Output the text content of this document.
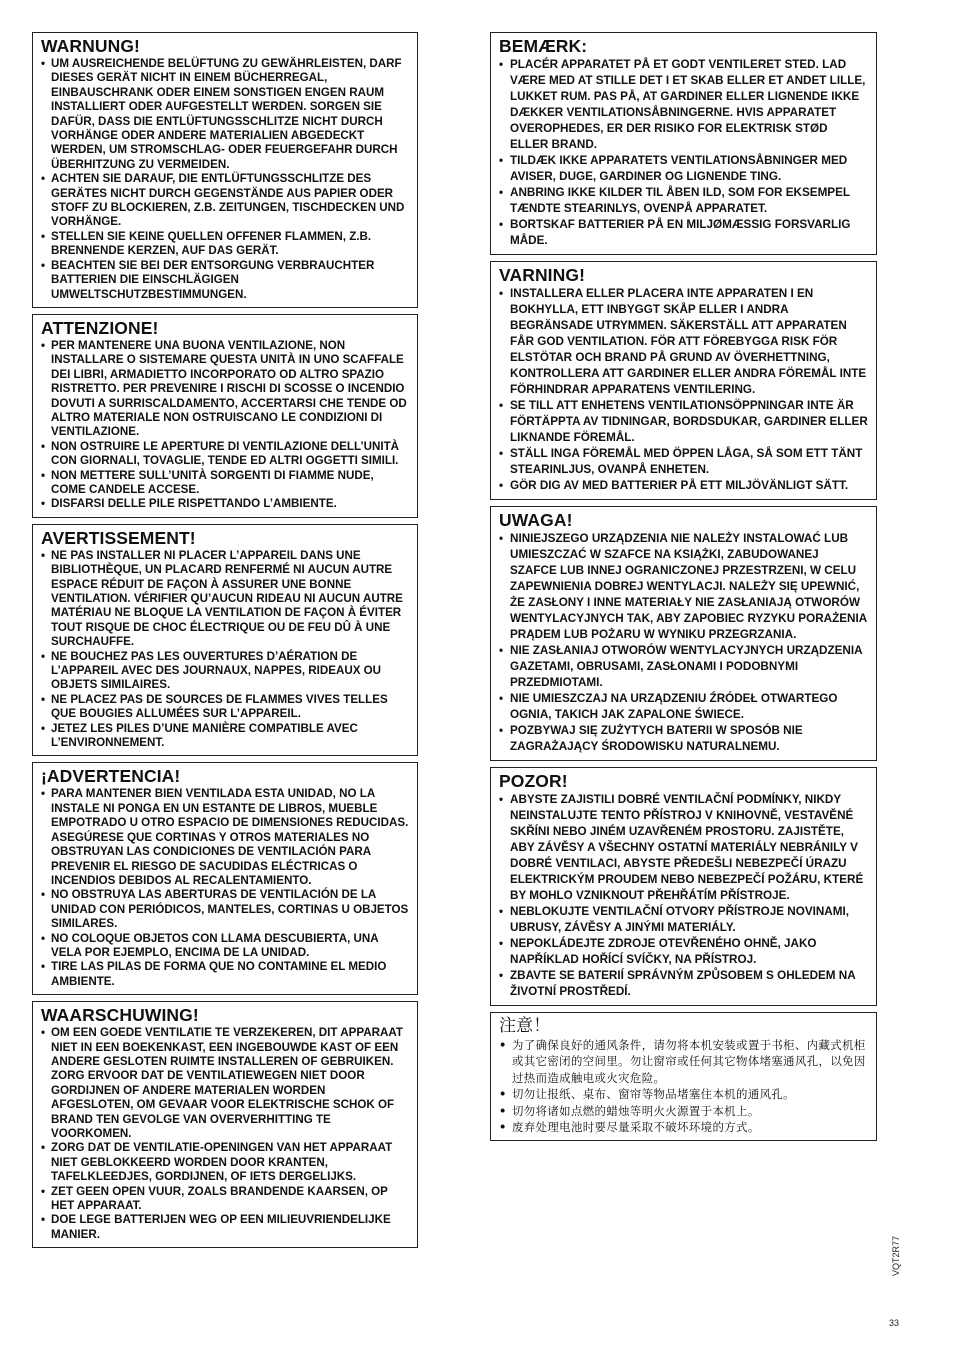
WARNUNG!
• UM AUSREICHENDE BELÜFTUNG ZU GEWÄHRLEISTEN, DARF DIESES GERÄT NICHT IN EINEM BÜCHERREGAL, EINBAUSCHRANK ODER EINEM SONSTIGEN ENGEN RAUM INSTALLIERT ODER AUFGESTELLT WERDEN. SORGEN SIE DAFÜR, DASS DIE ENTLÜFTUNGSSCHLITZE NICHT DURCH VORHÄNGE ODER ANDERE MATERIALIEN ABGEDECKT WERDEN, UM STROMSCHLAG- ODER FEUERGEFAHR DURCH ÜBERHITZUNG ZU VERMEIDEN.
• ACHTEN SIE DARAUF, DIE ENTLÜFTUNGSSCHLITZE DES GERÄTES NICHT DURCH GEGENSTÄNDE AUS PAPIER ODER STOFF ZU BLOCKIEREN, Z.B. ZEITUNGEN, TISCHDECKEN UND VORHÄNGE.
• STELLEN SIE KEINE QUELLEN OFFENER FLAMMEN, Z.B. BRENNENDE KERZEN, AUF DAS GERÄT.
• BEACHTEN SIE BEI DER ENTSORGUNG VERBRAUCHTER BATTERIEN DIE EINSCHLÄGIGEN UMWELTSCHUTZBESTIMMUNGEN.
ATTENZIONE!
• PER MANTENERE UNA BUONA VENTILAZIONE, NON INSTALLARE O SISTEMARE QUESTA UNITÀ IN UNO SCAFFALE DEI LIBRI, ARMADIETTO INCORPORATO OD ALTRO SPAZIO RISTRETTO. PER PREVENIRE I RISCHI DI SCOSSE O INCENDIO DOVUTI A SURRISCALDAMENTO, ACCERTARSI CHE TENDE OD ALTRO MATERIALE NON OSTRUISCANO LE CONDIZIONI DI VENTILAZIONE.
• NON OSTRUIRE LE APERTURE DI VENTILAZIONE DELL’UNITÀ CON GIORNALI, TOVAGLIE, TENDE ED ALTRI OGGETTI SIMILI.
• NON METTERE SULL’UNITÀ SORGENTI DI FIAMME NUDE, COME CANDELE ACCESE.
• DISFARSI DELLE PILE RISPETTANDO L’AMBIENTE.
AVERTISSEMENT!
• NE PAS INSTALLER NI PLACER L’APPAREIL DANS UNE BIBLIOTHÈQUE, UN PLACARD RENFERMÉ NI AUCUN AUTRE ESPACE RÉDUIT DE FAÇON À ASSURER UNE BONNE VENTILATION. VÉRIFIER QU’AUCUN RIDEAU NI AUCUN AUTRE MATÉRIAU NE BLOQUE LA VENTILATION DE FAÇON À ÉVITER TOUT RISQUE DE CHOC ÉLECTRIQUE OU DE FEU DÛ À UNE SURCHAUFFE.
• NE BOUCHEZ PAS LES OUVERTURES D’AÉRATION DE L’APPAREIL AVEC DES JOURNAUX, NAPPES, RIDEAUX OU OBJETS SIMILAIRES.
• NE PLACEZ PAS DE SOURCES DE FLAMMES VIVES TELLES QUE BOUGIES ALLUMÉES SUR L’APPAREIL.
• JETEZ LES PILES D’UNE MANIÈRE COMPATIBLE AVEC L’ENVIRONNEMENT.
¡ADVERTENCIA!
• PARA MANTENER BIEN VENTILADA ESTA UNIDAD, NO LA INSTALE NI PONGA EN UN ESTANTE DE LIBROS, MUEBLE EMPOTRADO U OTRO ESPACIO DE DIMENSIONES REDUCIDAS. ASEGÚRESE QUE CORTINAS Y OTROS MATERIALES NO OBSTRUYAN LAS CONDICIONES DE VENTILACIÓN PARA PREVENIR EL RIESGO DE SACUDIDAS ELÉCTRICAS O INCENDIOS DEBIDOS AL RECALENTAMIENTO.
• NO OBSTRUYA LAS ABERTURAS DE VENTILACIÓN DE LA UNIDAD CON PERIÓDICOS, MANTELES, CORTINAS U OBJETOS SIMILARES.
• NO COLOQUE OBJETOS CON LLAMA DESCUBIERTA, UNA VELA POR EJEMPLO, ENCIMA DE LA UNIDAD.
• TIRE LAS PILAS DE FORMA QUE NO CONTAMINE EL MEDIO AMBIENTE.
WAARSCHUWING!
• OM EEN GOEDE VENTILATIE TE VERZEKEREN, DIT APPARAAT NIET IN EEN BOEKENKAST, EEN INGEBOUWDE KAST OF EEN ANDERE GESLOTEN RUIMTE INSTALLEREN OF GEBRUIKEN. ZORG ERVOOR DAT DE VENTILATIEWEGEN NIET DOOR GORDIJNEN OF ANDERE MATERIALEN WORDEN AFGESLOTEN, OM GEVAAR VOOR ELEKTRISCHE SCHOK OF BRAND TEN GEVOLGE VAN OVERVERHITTING TE VOORKOMEN.
• ZORG DAT DE VENTILATIE-OPENINGEN VAN HET APPARAAT NIET GEBLOKKEERD WORDEN DOOR KRANTEN, TAFELKLEEDJES, GORDIJNEN, OF IETS DERGELIJKS.
• ZET GEEN OPEN VUUR, ZOALS BRANDENDE KAARSEN, OP HET APPARAAT.
• DOE LEGE BATTERIJEN WEG OP EEN MILIEUVRIENDELIJKE MANIER.
BEMÆRK:
• PLACÉR APPARATET PÅ ET GODT VENTILERET STED. LAD VÆRE MED AT STILLE DET I ET SKAB ELLER ET ANDET LILLE, LUKKET RUM. PAS PÅ, AT GARDINER ELLER LIGNENDE IKKE DÆKKER VENTILATIONSÅBNINGERNE. HVIS APPARATET OVEROPHEDES, ER DER RISIKO FOR ELEKTRISK STØD ELLER BRAND.
• TILDÆK IKKE APPARATETS VENTILATIONSÅBNINGER MED AVISER, DUGE, GARDINER OG LIGNENDE TING.
• ANBRING IKKE KILDER TIL ÅBEN ILD, SOM FOR EKSEMPEL TÆNDTE STEARINLYS, OVENPÅ APPARATET.
• BORTSKAF BATTERIER PÅ EN MILJØMÆSSIG FORSVARLIG MÅDE.
VARNING!
• INSTALLERA ELLER PLACERA INTE APPARATEN I EN BOKHYLLA, ETT INBYGGT SKÅP ELLER I ANDRA BEGRÄNSADE UTRYMMEN. SÄKERSTÄLL ATT APPARATEN FÅR GOD VENTILATION. FÖR ATT FÖREBYGGA RISK FÖR ELSTÖTAR OCH BRAND PÅ GRUND AV ÖVERHETTNING, KONTROLLERA ATT GARDINER ELLER ANDRA FÖREMÅL INTE FÖRHINDRAR APPARATENS VENTILERING.
• SE TILL ATT ENHETENS VENTILATIONSÖPPNINGAR INTE ÄR FÖRTÄPPTA AV TIDNINGAR, BORDSDUKAR, GARDINER ELLER LIKNANDE FÖREMÅL.
• STÄLL INGA FÖREMÅL MED ÖPPEN LÅGA, SÅ SOM ETT TÄNT STEARINLJUS, OVANPÅ ENHETEN.
• GÖR DIG AV MED BATTERIER PÅ ETT MILJÖVÄNLIGT SÄTT.
UWAGA!
• NINIEJSZEGO URZĄDZENIA NIE NALEŻY INSTALOWAĆ LUB UMIESZCZAĆ W SZAFCE NA KSIĄŻKI, ZABUDOWANEJ SZAFCE LUB INNEJ OGRANICZONEJ PRZESTRZENI, W CELU ZAPEWNIENIA DOBREJ WENTYLACJI. NALEŻY SIĘ UPEWNIĆ, ŻE ZASŁONY I INNE MATERIAŁY NIE ZASŁANIAJĄ OTWORÓW WENTYLACYJNYCH TAK, ABY ZAPOBIEC RYZYKU PORAŻENIA PRĄDEM LUB POŻARU W WYNIKU PRZEGRZANIA.
• NIE ZASŁANIAJ OTWORÓW WENTYLACYJNYCH URZĄDZENIA GAZETAMI, OBRUSAMI, ZASŁONAMI I PODOBNYMI PRZEDMIOTAMI.
• NIE UMIESZCZAJ NA URZĄDZENIU ŹRÓDEŁ OTWARTEGO OGNIA, TAKICH JAK ZAPALONE ŚWIECE.
• POZBYWAJ SIĘ ZUŻYTYCH BATERII W SPOSÓB NIE ZAGRAŻAJĄCY ŚRODOWISKU NATURALNEMU.
POZOR!
• ABYSTE ZAJISTILI DOBRÉ VENTILAČNÍ PODMÍNKY, NIKDY NEINSTALUJTE TENTO PŘÍSTROJ V KNIHOVNĚ, VESTAVĚNÉ SKŘÍNI NEBO JINÉM UZAVŘENÉM PROSTORU. ZAJISTĚTE, ABY ZÁVĚSY A VŠECHNY OSTATNÍ MATERIÁLY NEBRÁNILY V DOBRÉ VENTILACI, ABYSTE PŘEDEŠLI NEBEZPEČÍ ÚRAZU ELEKTRICKÝM PROUDEM NEBO NEBEZPEČÍ POŽÁRU, KTERÉ BY MOHLO VZNIKNOUT PŘEHŘÁTÍM PŘÍSTROJE.
• NEBLOKUJTE VENTILAČNÍ OTVORY PŘÍSTROJE NOVINAMI, UBRUSY, ZÁVĚSY A JINÝMI MATERIÁLY.
• NEPOKLÁDEJTE ZDROJE OTEVŘENÉHO OHNĚ, JAKO NAPŘÍKLAD HOŘÍCÍ SVÍČKY, NA PŘÍSTROJ.
• ZBAVTE SE BATERIÍ SPRÁVNÝM ZPŮSOBEM S OHLEDEM NA ŽIVOTNÍ PROSTŘEDÍ.
注意！
• 为了确保良好的通风条件，请勿将本机安装或置于书柜、内藏式机柜或其它密闭的空间里。勿让窗帘或任何其它物体堵塞通风孔，以免因过热而造成触电或火灾危险。
• 切勿让报纸、桌布、窗帘等物品堵塞住本机的通风孔。
• 切勿将诸如点燃的蜡烛等明火火源置于本机上。
• 废弃处理电池时要尽量采取不破坏环境的方式。
VQT2R77
33
